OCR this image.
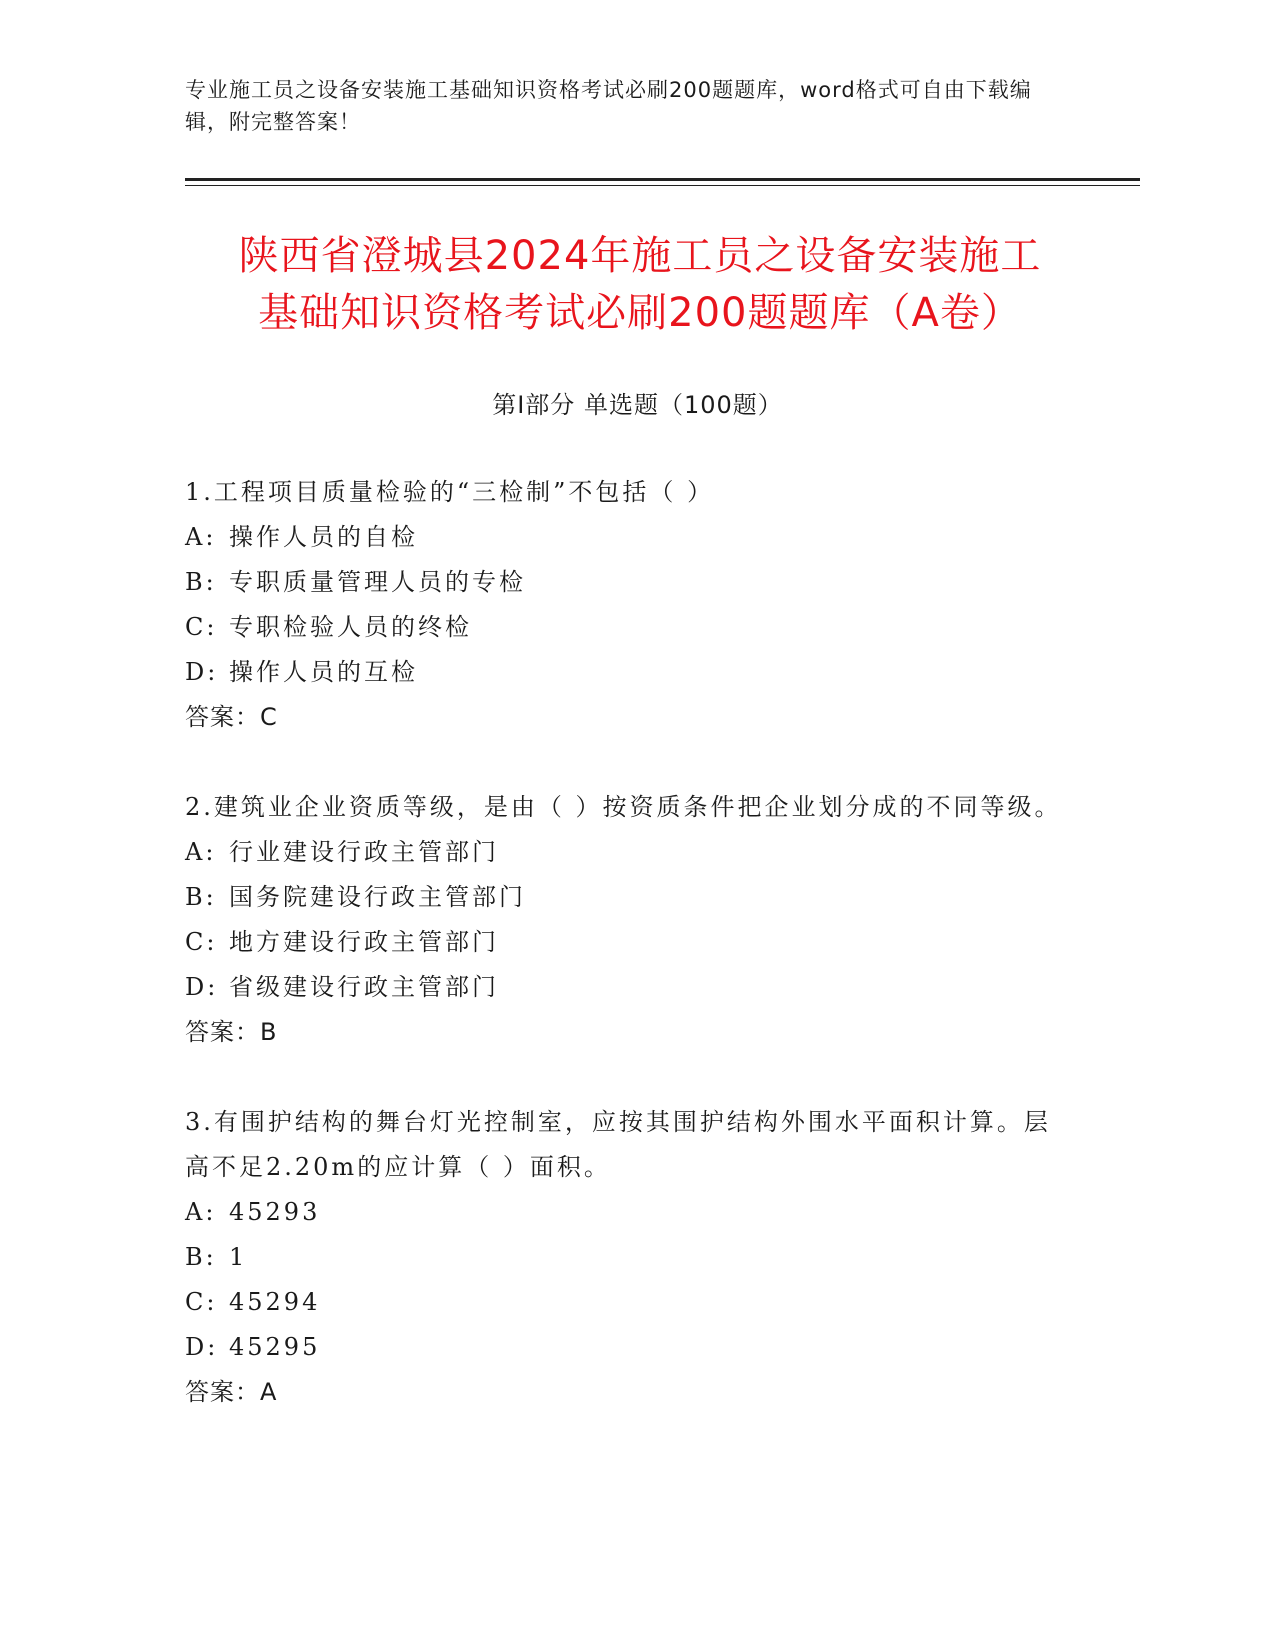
专业施工员之设备安装施工基础知识资格考试必刷200题题库，word格式可自由下载编辑，附完整答案！
陕西省澄城县2024年施工员之设备安装施工
基础知识资格考试必刷200题题库（A卷）
第Ⅰ部分 单选题（100题）

1.工程项目质量检验的“三检制”不包括（ ）

A: 操作人员的自检

B: 专职质量管理人员的专检

C: 专职检验人员的终检

D: 操作人员的互检

答案：C

2.建筑业企业资质等级，是由（ ）按资质条件把企业划分成的不同等级。

A: 行业建设行政主管部门

B: 国务院建设行政主管部门

C: 地方建设行政主管部门

D: 省级建设行政主管部门

答案：B

3.有围护结构的舞台灯光控制室，应按其围护结构外围水平面积计算。层高不足2.20m的应计算（ ）面积。

A: 45293

B: 1

C: 45294

D: 45295

答案：A
